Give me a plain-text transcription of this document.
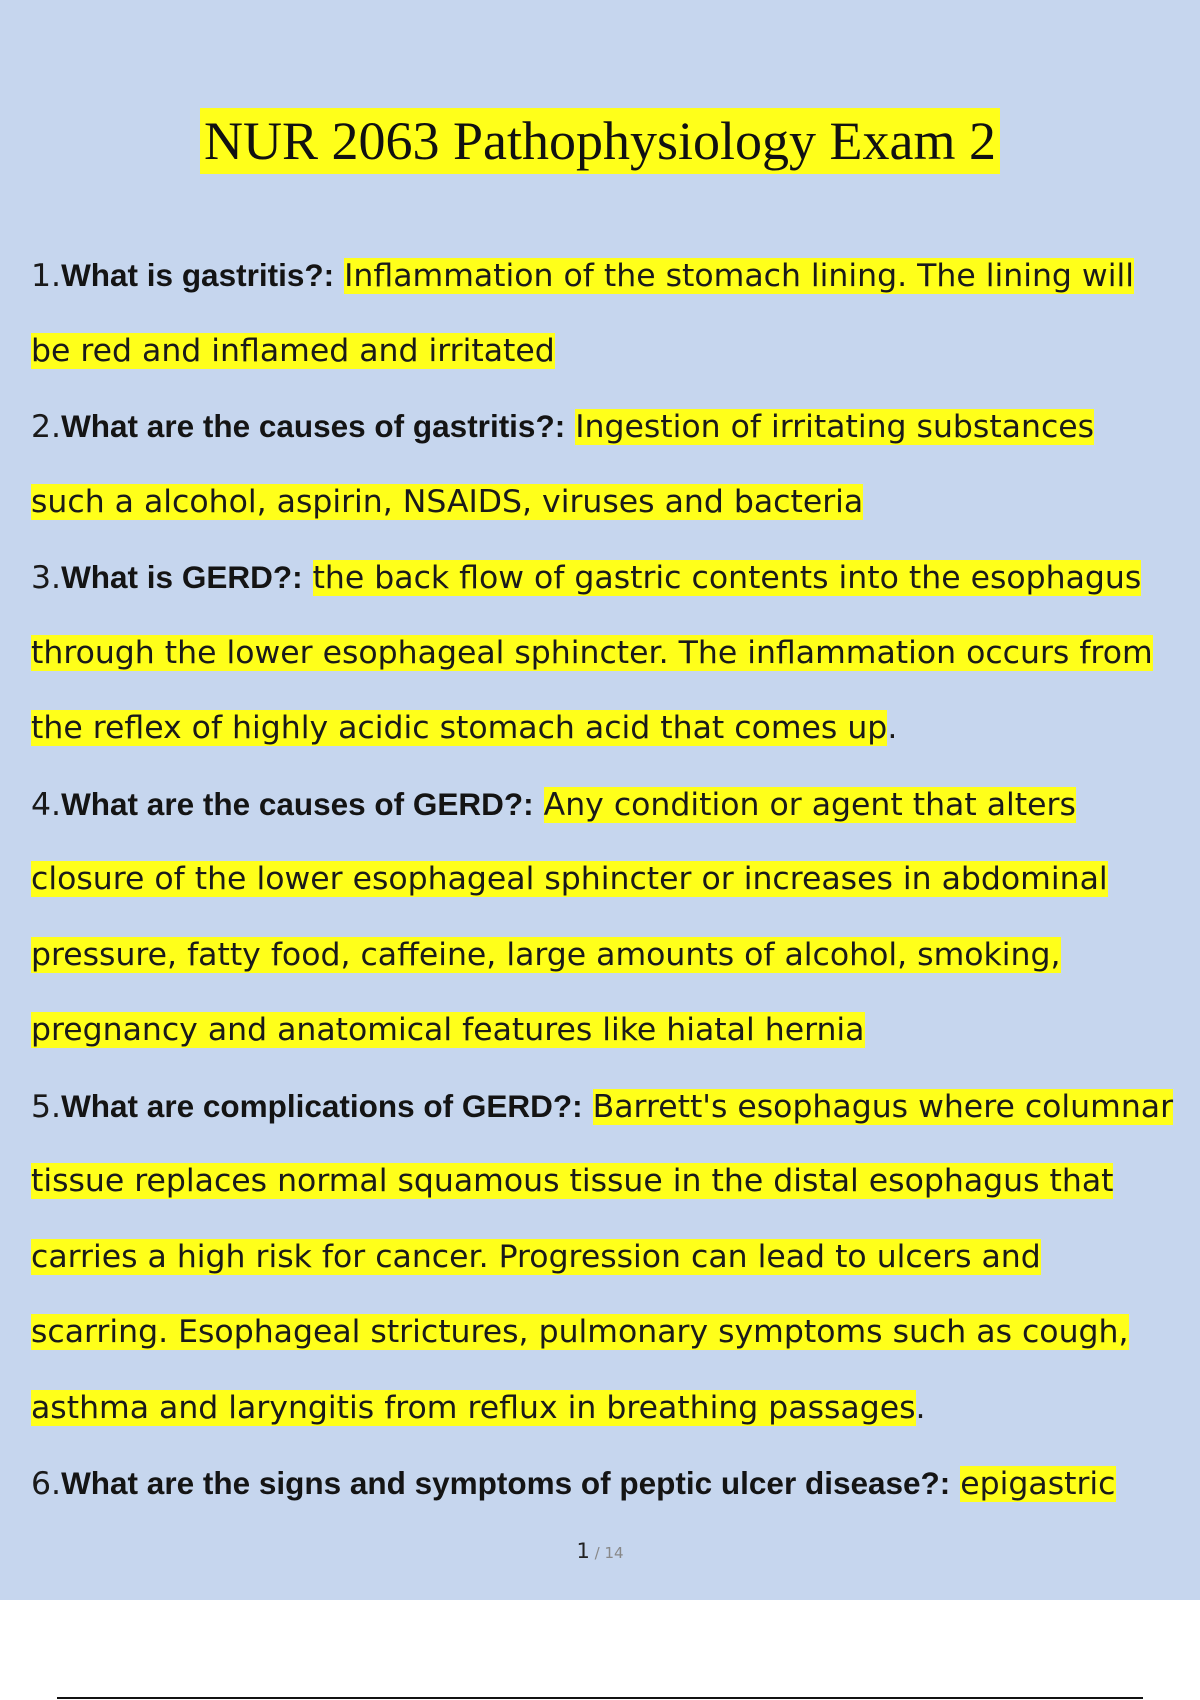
NUR 2063 Pathophysiology Exam 2
1.What is gastritis?: Inflammation of the stomach lining. The lining will
be red and inflamed and irritated
2.What are the causes of gastritis?: Ingestion of irritating substances
such a alcohol, aspirin, NSAIDS, viruses and bacteria
3.What is GERD?: the back flow of gastric contents into the esophagus
through the lower esophageal sphincter. The inflammation occurs from
the reflex of highly acidic stomach acid that comes up.
4.What are the causes of GERD?: Any condition or agent that alters
closure of the lower esophageal sphincter or increases in abdominal
pressure, fatty food, caffeine, large amounts of alcohol, smoking,
pregnancy and anatomical features like hiatal hernia
5.What are complications of GERD?: Barrett's esophagus where columnar
tissue replaces normal squamous tissue in the distal esophagus that
carries a high risk for cancer. Progression can lead to ulcers and
scarring. Esophageal strictures, pulmonary symptoms such as cough,
asthma and laryngitis from reflux in breathing passages.
6.What are the signs and symptoms of peptic ulcer disease?: epigastric
1 / 14
